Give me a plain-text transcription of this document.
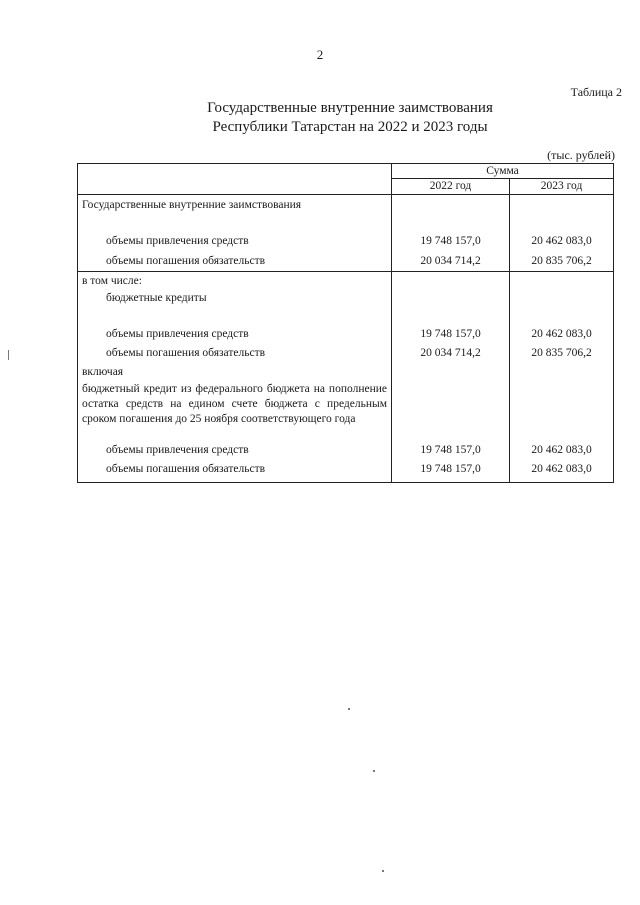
2
Таблица 2
Государственные внутренние заимствования
Республики Татарстан на 2022 и 2023 годы
(тыс. рублей)
	Сумма	
	2022 год	2023 год
Государственные внутренние заимствования		
объемы привлечения средств	19 748 157,0	20 462 083,0
объемы погашения обязательств	20 034 714,2	20 835 706,2
в том числе:		
бюджетные кредиты		
объемы привлечения средств	19 748 157,0	20 462 083,0
объемы погашения обязательств	20 034 714,2	20 835 706,2
включая		
бюджетный кредит из федерального бюджета на пополнение остатка средств на едином счете бюджета с предельным сроком погашения до 25 ноября соответствующего года		
объемы привлечения средств	19 748 157,0	20 462 083,0
объемы погашения обязательств	19 748 157,0	20 462 083,0
